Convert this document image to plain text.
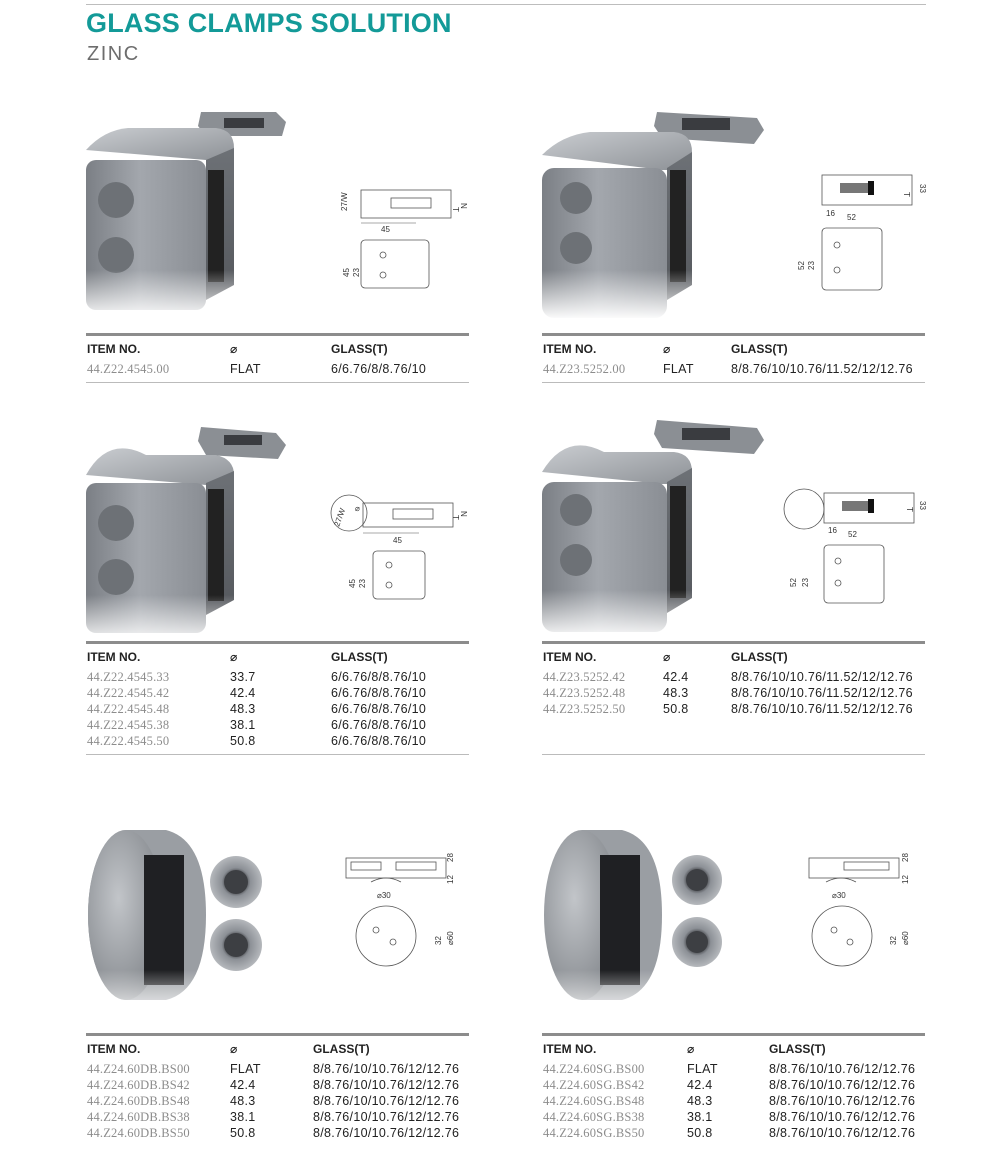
GLASS CLAMPS SOLUTION
ZINC
27/W	T
N
45
45 23
ITEM NO.	⌀	GLASS(T)
44.Z22.4545.00	FLAT	6/6.76/8/8.76/10
T
33
16 52
52 23
ITEM NO.	⌀	GLASS(T)
44.Z23.5252.00	FLAT	8/8.76/10/10.76/11.52/12/12.76
27/W ⌀
T
N
45
45 23
ITEM NO.	⌀	GLASS(T)
44.Z22.4545.33	33.7	6/6.76/8/8.76/10
44.Z22.4545.42	42.4	6/6.76/8/8.76/10
44.Z22.4545.48	48.3	6/6.76/8/8.76/10
44.Z22.4545.38	38.1	6/6.76/8/8.76/10
44.Z22.4545.50	50.8	6/6.76/8/8.76/10
T 33
16 52
52 23
ITEM NO.	⌀	GLASS(T)
44.Z23.5252.42	42.4	8/8.76/10/10.76/11.52/12/12.76
44.Z23.5252.48	48.3	8/8.76/10/10.76/11.52/12/12.76
44.Z23.5252.50	50.8	8/8.76/10/10.76/11.52/12/12.76
28
12
⌀30
32 ⌀60
ITEM NO.	⌀	GLASS(T)
44.Z24.60DB.BS00	FLAT	8/8.76/10/10.76/12/12.76
44.Z24.60DB.BS42	42.4	8/8.76/10/10.76/12/12.76
44.Z24.60DB.BS48	48.3	8/8.76/10/10.76/12/12.76
44.Z24.60DB.BS38	38.1	8/8.76/10/10.76/12/12.76
44.Z24.60DB.BS50	50.8	8/8.76/10/10.76/12/12.76
28
12
⌀30
32 ⌀60
ITEM NO.	⌀	GLASS(T)
44.Z24.60SG.BS00	FLAT	8/8.76/10/10.76/12/12.76
44.Z24.60SG.BS42	42.4	8/8.76/10/10.76/12/12.76
44.Z24.60SG.BS48	48.3	8/8.76/10/10.76/12/12.76
44.Z24.60SG.BS38	38.1	8/8.76/10/10.76/12/12.76
44.Z24.60SG.BS50	50.8	8/8.76/10/10.76/12/12.76
